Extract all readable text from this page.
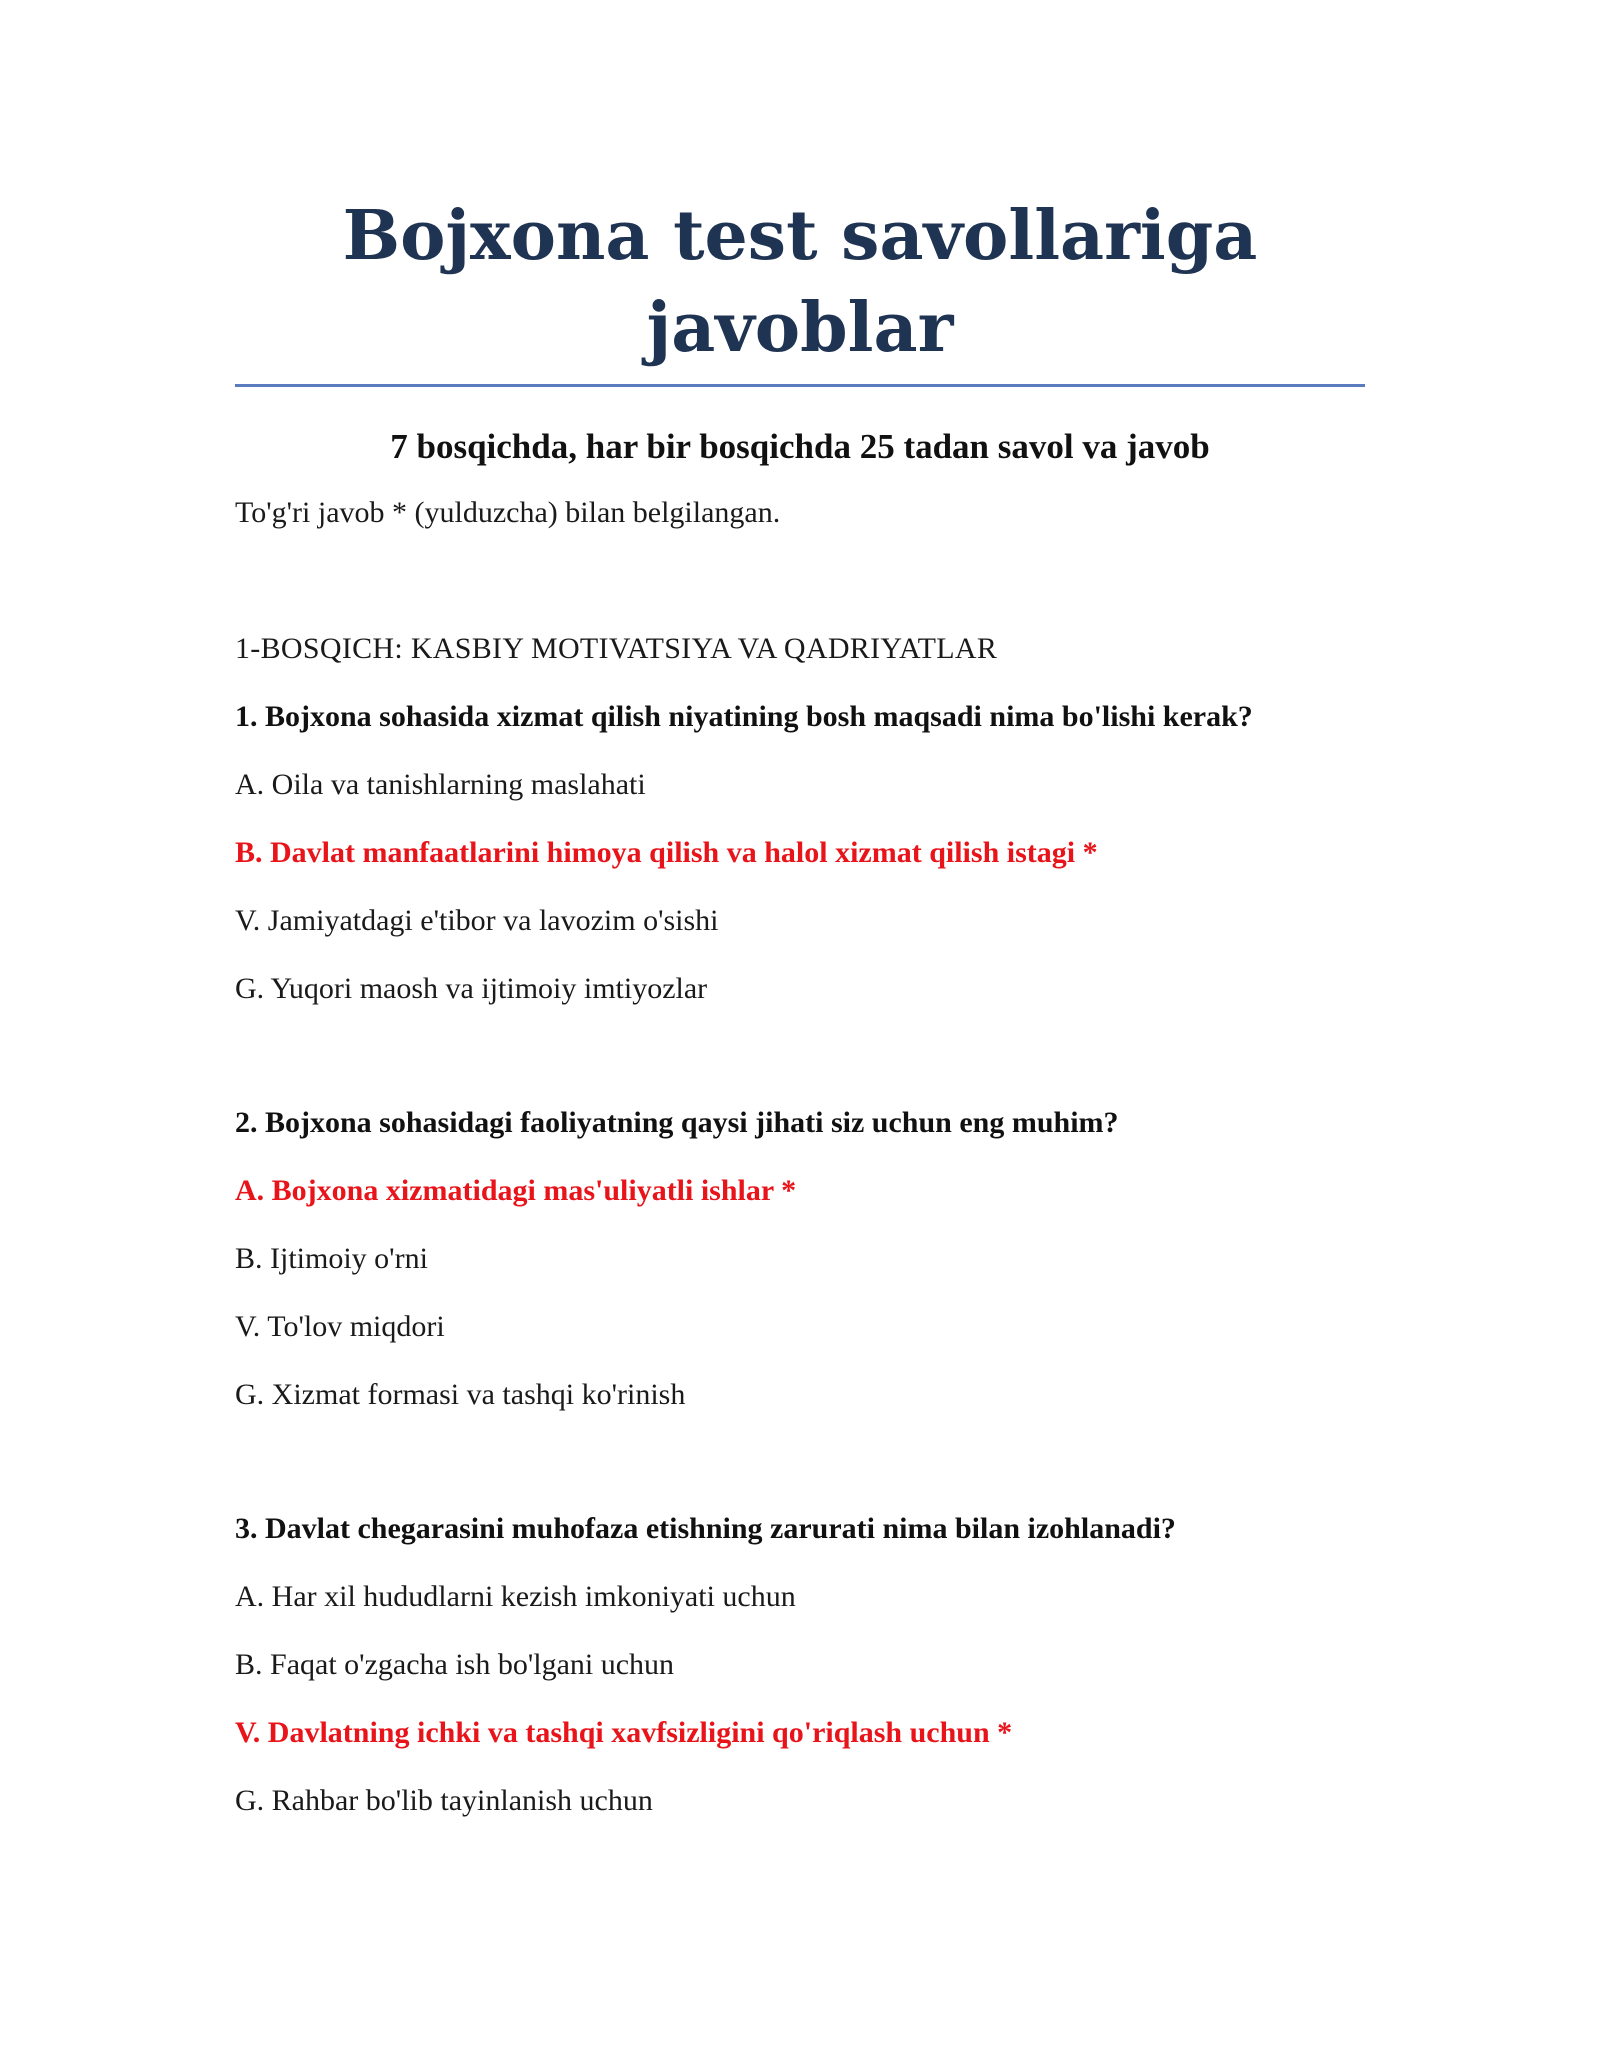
Bojxona test savollariga javoblar

7 bosqichda, har bir bosqichda 25 tadan savol va javob

To'g'ri javob * (yulduzcha) bilan belgilangan.

1-BOSQICH: KASBIY MOTIVATSIYA VA QADRIYATLAR

1. Bojxona sohasida xizmat qilish niyatining bosh maqsadi nima bo'lishi kerak?

A. Oila va tanishlarning maslahati

B. Davlat manfaatlarini himoya qilish va halol xizmat qilish istagi *

V. Jamiyatdagi e'tibor va lavozim o'sishi

G. Yuqori maosh va ijtimoiy imtiyozlar

2. Bojxona sohasidagi faoliyatning qaysi jihati siz uchun eng muhim?

A. Bojxona xizmatidagi mas'uliyatli ishlar *

B. Ijtimoiy o'rni

V. To'lov miqdori

G. Xizmat formasi va tashqi ko'rinish

3. Davlat chegarasini muhofaza etishning zarurati nima bilan izohlanadi?

A. Har xil hududlarni kezish imkoniyati uchun

B. Faqat o'zgacha ish bo'lgani uchun

V. Davlatning ichki va tashqi xavfsizligini qo'riqlash uchun *

G. Rahbar bo'lib tayinlanish uchun
